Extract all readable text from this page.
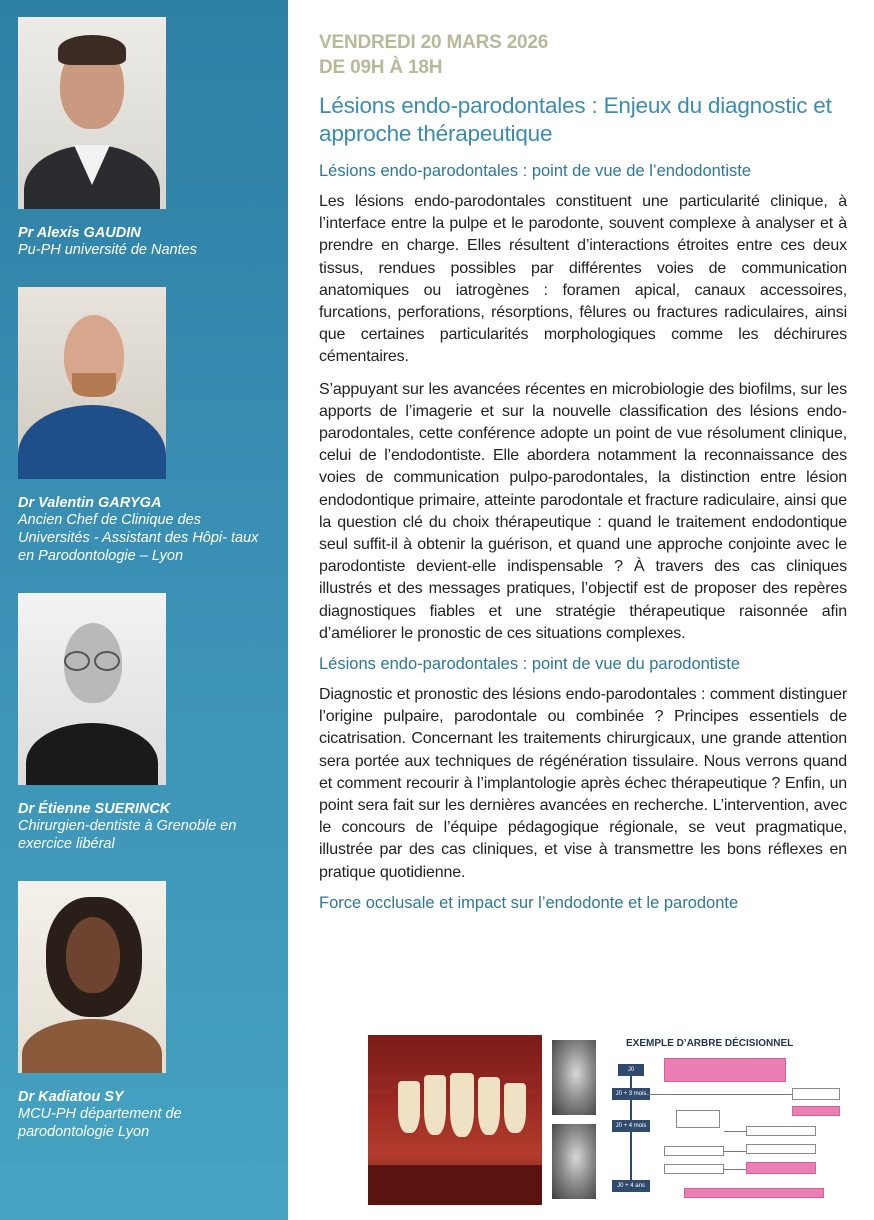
Pr Alexis GAUDIN
Pu-PH université de Nantes
Dr Valentin GARYGA
Ancien Chef de Clinique des Universités - Assistant des Hôpi- taux en Parodontologie – Lyon
Dr Étienne SUERINCK
Chirurgien-dentiste à Grenoble en exercice libéral
Dr Kadiatou SY
MCU-PH département de parodontologie Lyon
VENDREDI 20 MARS 2026
DE 09H À 18H
Lésions endo-parodontales : Enjeux du diagnostic et approche thérapeutique
Lésions endo-parodontales : point de vue de l’endodontiste

Les lésions endo-parodontales constituent une particularité clinique, à l’interface entre la pulpe et le parodonte, souvent complexe à analyser et à prendre en charge. Elles résultent d’interactions étroites entre ces deux tissus, rendues possibles par différentes voies de communication anatomiques ou iatrogènes : foramen apical, canaux accessoires, furcations, perforations, résorptions, fêlures ou fractures radiculaires, ainsi que certaines particularités morphologiques comme les déchirures cémentaires.

S’appuyant sur les avancées récentes en microbiologie des biofilms, sur les apports de l’imagerie et sur la nouvelle classification des lésions endo-parodontales, cette conférence adopte un point de vue résolument clinique, celui de l’endodontiste. Elle abordera notamment la reconnaissance des voies de communication pulpo-parodontales, la distinction entre lésion endodontique primaire, atteinte parodontale et fracture radiculaire, ainsi que la question clé du choix thérapeutique : quand le traitement endodontique seul suffit-il à obtenir la guérison, et quand une approche conjointe avec le parodontiste devient-elle indispensable ? À travers des cas cliniques illustrés et des messages pratiques, l’objectif est de proposer des repères diagnostiques fiables et une stratégie thérapeutique raisonnée afin d’améliorer le pronostic de ces situations complexes.

Lésions endo-parodontales : point de vue du parodontiste

Diagnostic et pronostic des lésions endo-parodontales : comment distinguer l’origine pulpaire, parodontale ou combinée ? Principes essentiels de cicatrisation. Concernant les traitements chirurgicaux, une grande attention sera portée aux techniques de régénération tissulaire. Nous verrons quand et comment recourir à l’implantologie après échec thérapeutique ? Enfin, un point sera fait sur les dernières avancées en recherche. L’intervention, avec le concours de l’équipe pédagogique régionale, se veut pragmatique, illustrée par des cas cliniques, et vise à transmettre les bons réflexes en pratique quotidienne.

Force occlusale et impact sur l’endodonte et le parodonte
EXEMPLE D’ARBRE DÉCISIONNEL
J0
J0 + 3 mois
J0 + 4 mois
J0 + 4 ans
